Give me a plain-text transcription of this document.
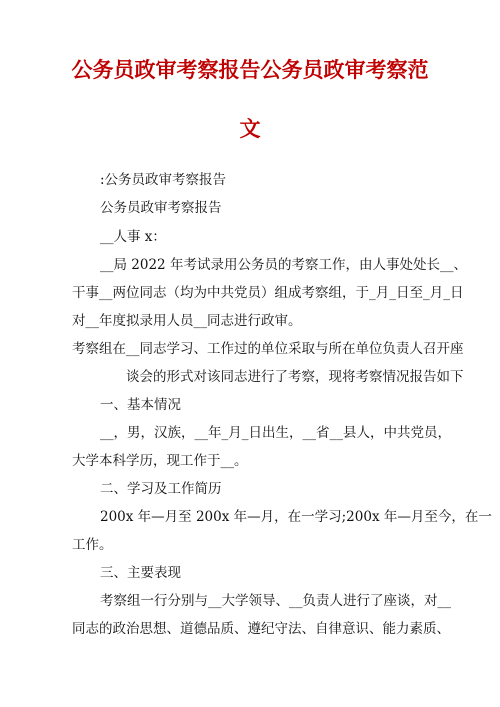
公务员政审考察报告公务员政审考察范
文

:公务员政审考察报告

公务员政审考察报告

__人事 x：

__局 2022 年考试录用公务员的考察工作，由人事处处长__、

干事__两位同志（均为中共党员）组成考察组，于_月_日至_月_日

对__年度拟录用人员__同志进行政审。

考察组在__同志学习、工作过的单位采取与所在单位负责人召开座

谈会的形式对该同志进行了考察，现将考察情况报告如下

一、基本情况

__，男，汉族，__年_月_日出生，__省__县人，中共党员，

大学本科学历，现工作于__。

二、学习及工作简历

200x 年—月至 200x 年—月，在一学习;200x 年—月至今，在一

工作。

三、主要表现

考察组一行分别与__大学领导、__负责人进行了座谈，对__

同志的政治思想、道德品质、遵纪守法、自律意识、能力素质、
